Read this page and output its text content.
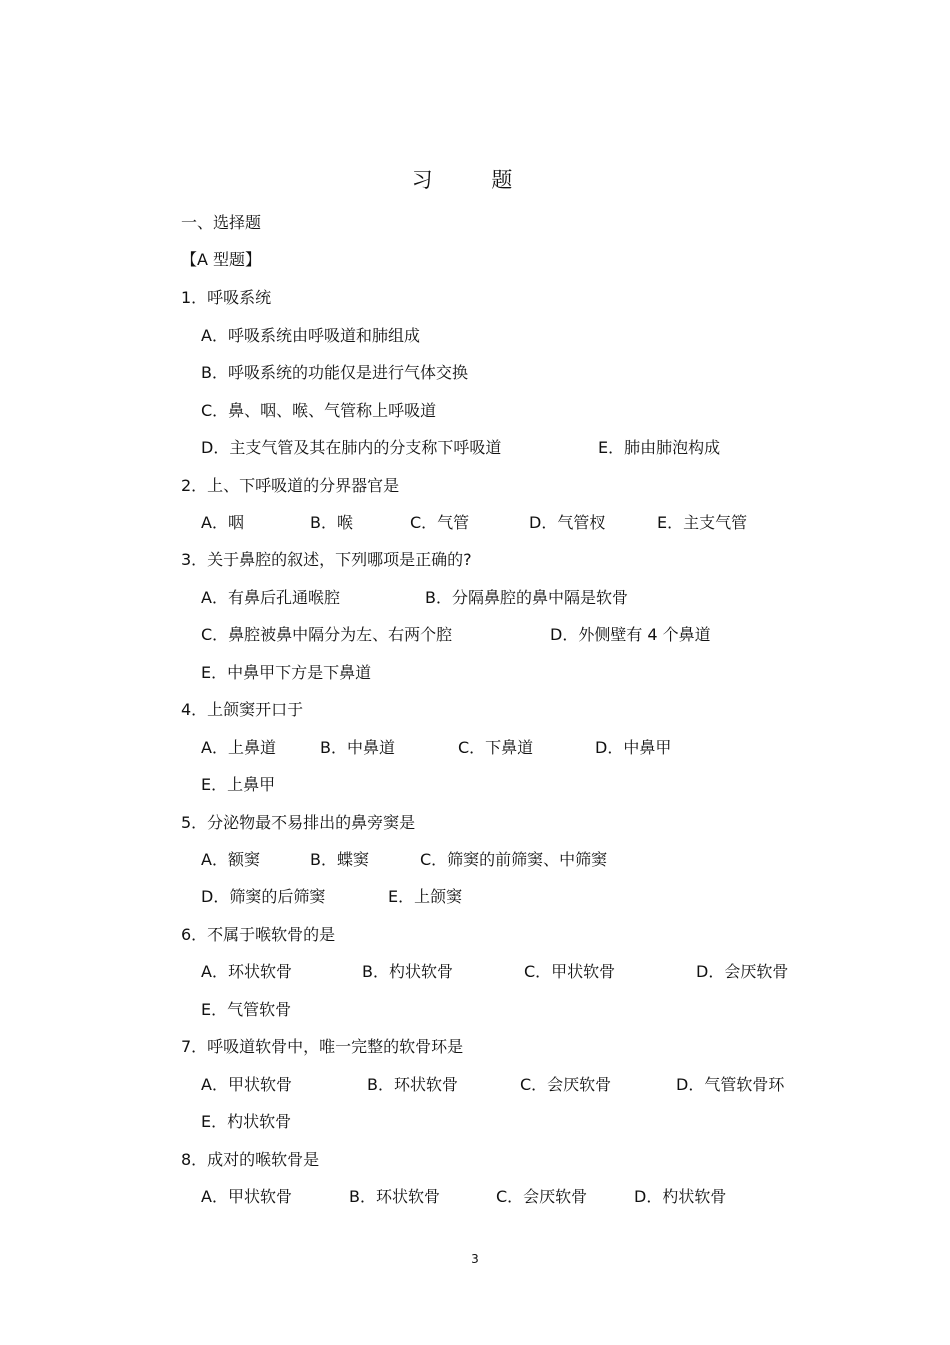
习 题
一、选择题
【A 型题】
1．呼吸系统
A．呼吸系统由呼吸道和肺组成
B．呼吸系统的功能仅是进行气体交换
C．鼻、咽、喉、气管称上呼吸道
D．主支气管及其在肺内的分支称下呼吸道	E．肺由肺泡构成
2．上、下呼吸道的分界器官是
A．咽	B．喉	C．气管	D．气管杈	E．主支气管
3．关于鼻腔的叙述，下列哪项是正确的?
A．有鼻后孔通喉腔	B．分隔鼻腔的鼻中隔是软骨
C．鼻腔被鼻中隔分为左、右两个腔	D．外侧壁有 4 个鼻道
E．中鼻甲下方是下鼻道
4．上颌窦开口于
A．上鼻道	B．中鼻道	C．下鼻道	D．中鼻甲
E．上鼻甲
5．分泌物最不易排出的鼻旁窦是
A．额窦	B．蝶窦	C．筛窦的前筛窦、中筛窦
D．筛窦的后筛窦	E．上颌窦
6．不属于喉软骨的是
A．环状软骨	B．杓状软骨	C．甲状软骨	D．会厌软骨
E．气管软骨
7．呼吸道软骨中，唯一完整的软骨环是
A．甲状软骨	B．环状软骨	C．会厌软骨	D．气管软骨环
E．杓状软骨
8．成对的喉软骨是
A．甲状软骨	B．环状软骨	C．会厌软骨	D．杓状软骨
3
